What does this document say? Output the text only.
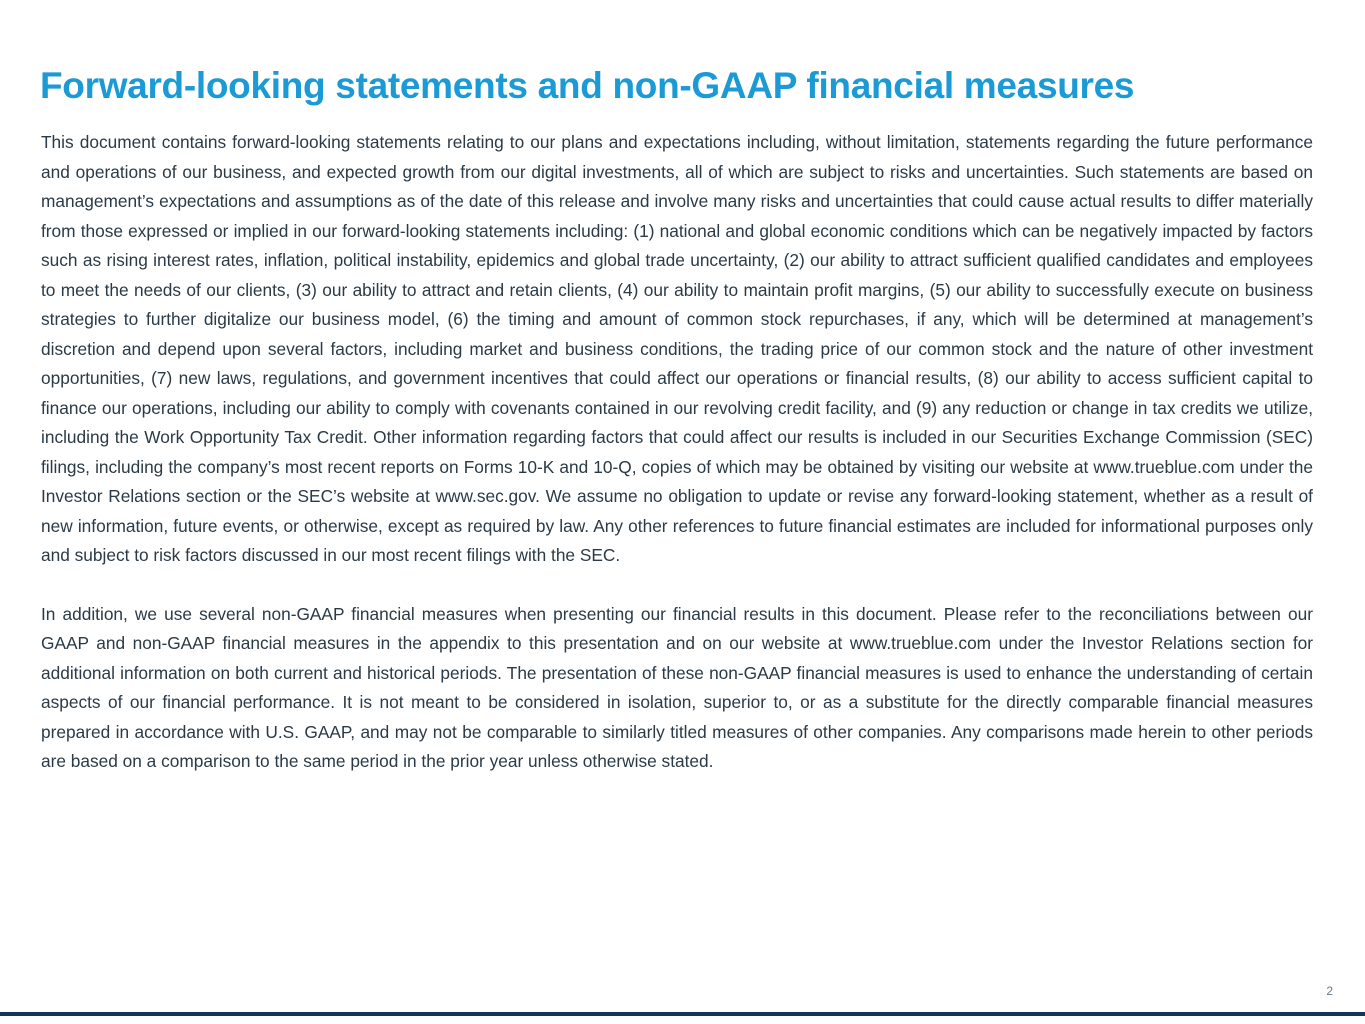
Forward-looking statements and non-GAAP financial measures

This document contains forward-looking statements relating to our plans and expectations including, without limitation, statements regarding the future performance and operations of our business, and expected growth from our digital investments, all of which are subject to risks and uncertainties. Such statements are based on management’s expectations and assumptions as of the date of this release and involve many risks and uncertainties that could cause actual results to differ materially from those expressed or implied in our forward-looking statements including: (1) national and global economic conditions which can be negatively impacted by factors such as rising interest rates, inflation, political instability, epidemics and global trade uncertainty, (2) our ability to attract sufficient qualified candidates and employees to meet the needs of our clients, (3) our ability to attract and retain clients, (4) our ability to maintain profit margins, (5) our ability to successfully execute on business strategies to further digitalize our business model, (6) the timing and amount of common stock repurchases, if any, which will be determined at management’s discretion and depend upon several factors, including market and business conditions, the trading price of our common stock and the nature of other investment opportunities, (7) new laws, regulations, and government incentives that could affect our operations or financial results, (8) our ability to access sufficient capital to finance our operations, including our ability to comply with covenants contained in our revolving credit facility, and (9) any reduction or change in tax credits we utilize, including the Work Opportunity Tax Credit. Other information regarding factors that could affect our results is included in our Securities Exchange Commission (SEC) filings, including the company’s most recent reports on Forms 10-K and 10-Q, copies of which may be obtained by visiting our website at www.trueblue.com under the Investor Relations section or the SEC’s website at www.sec.gov. We assume no obligation to update or revise any forward-looking statement, whether as a result of new information, future events, or otherwise, except as required by law. Any other references to future financial estimates are included for informational purposes only and subject to risk factors discussed in our most recent filings with the SEC.

In addition, we use several non-GAAP financial measures when presenting our financial results in this document. Please refer to the reconciliations between our GAAP and non-GAAP financial measures in the appendix to this presentation and on our website at www.trueblue.com under the Investor Relations section for additional information on both current and historical periods. The presentation of these non-GAAP financial measures is used to enhance the understanding of certain aspects of our financial performance. It is not meant to be considered in isolation, superior to, or as a substitute for the directly comparable financial measures prepared in accordance with U.S. GAAP, and may not be comparable to similarly titled measures of other companies. Any comparisons made herein to other periods are based on a comparison to the same period in the prior year unless otherwise stated.

2
